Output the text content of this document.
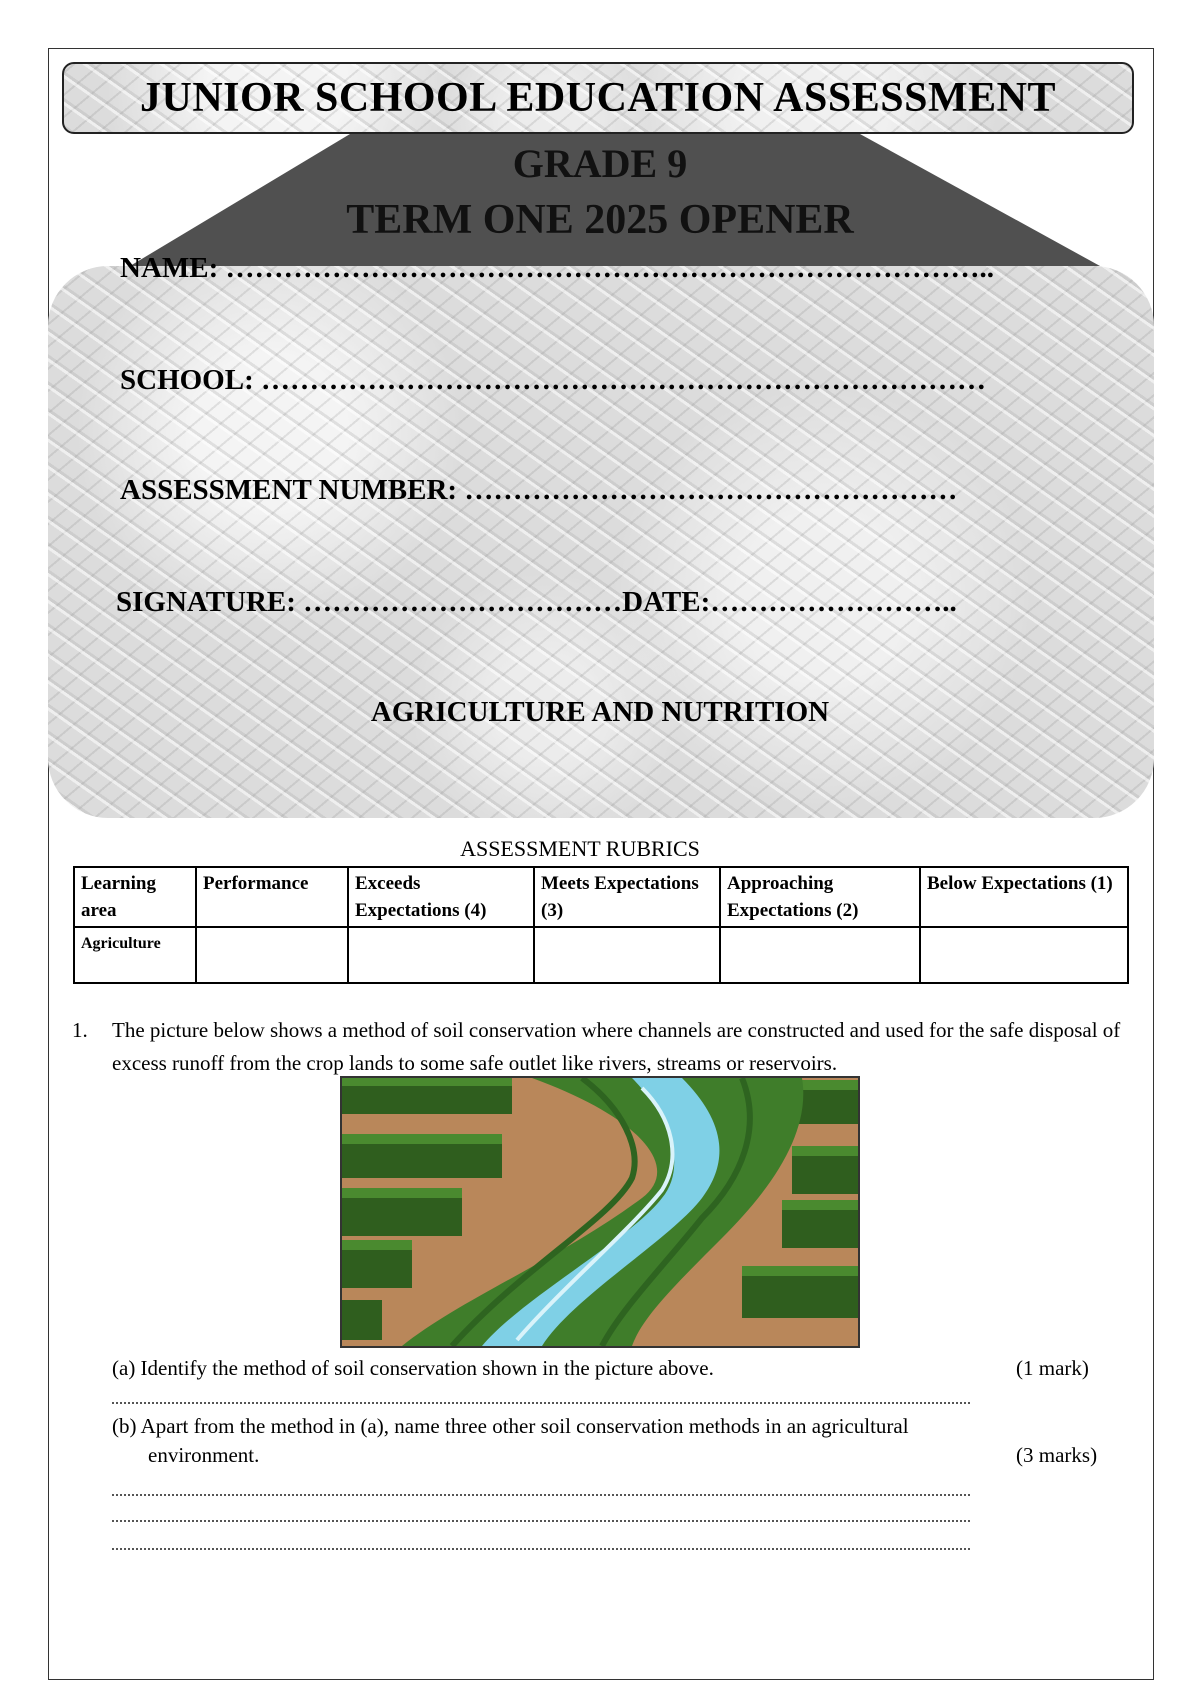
JUNIOR SCHOOL EDUCATION ASSESSMENT
GRADE 9
TERM ONE 2025 OPENER
NAME: ……………………………………………………………………..
SCHOOL: …………………………………………………………………
ASSESSMENT NUMBER: ……………………………………………
SIGNATURE: ……………………………DATE:……………………..
AGRICULTURE AND NUTRITION
ASSESSMENT RUBRICS
Learning area	Performance	Exceeds Expectations (4)	Meets Expectations (3)	Approaching Expectations (2)	Below Expectations (1)
Agriculture					
1. The picture below shows a method of soil conservation where channels are constructed and used for the safe disposal of excess runoff from the crop lands to some safe outlet like rivers, streams or reservoirs.
(a) Identify the method of soil conservation shown in the picture above.	(1 mark)
(b) Apart from the method in (a), name three other soil conservation methods in an agricultural
environment.	(3 marks)
